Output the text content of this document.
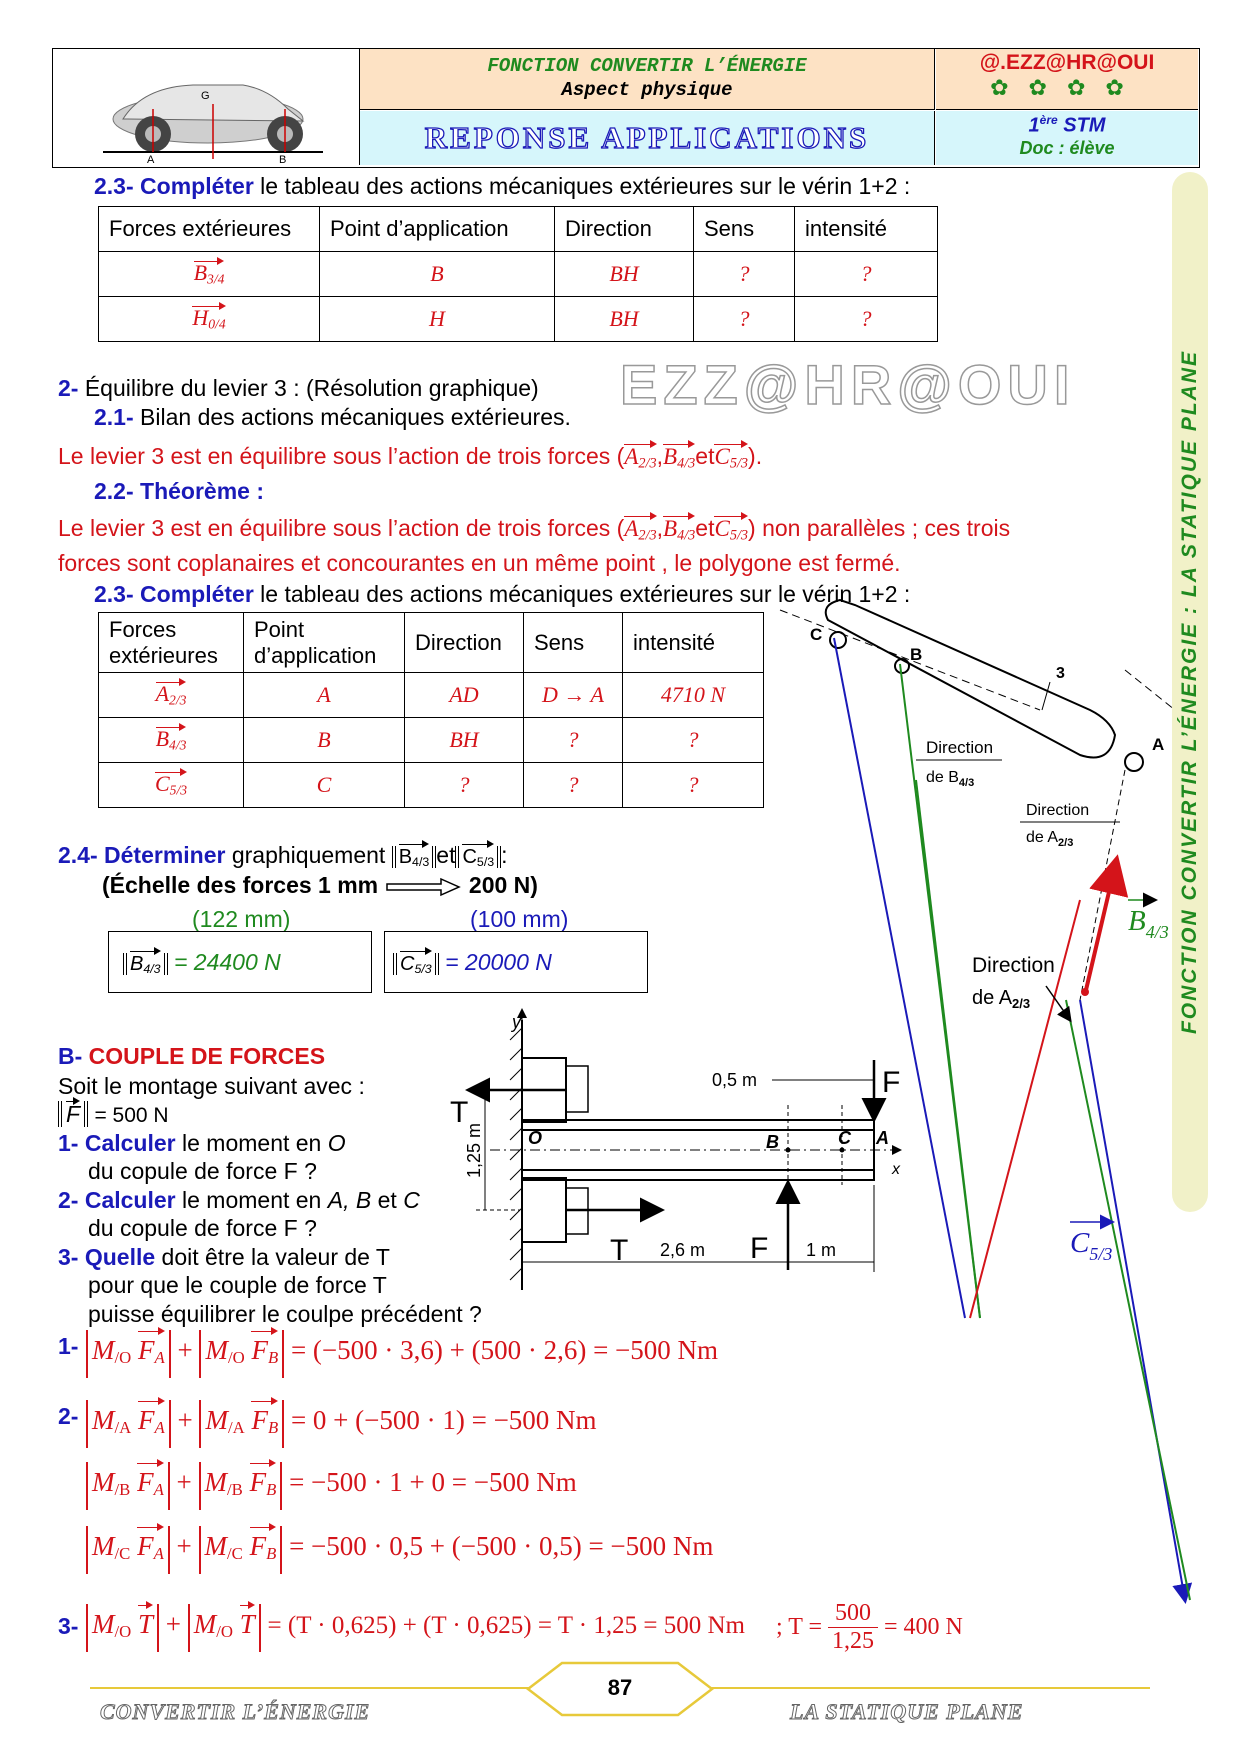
G
A	B
FONCTION CONVERTIR L’ÉNERGIE
Aspect physique
REPONSE APPLICATIONS
@.EZZ@HR@OUI
✿✿✿✿
1ère STM
Doc : élève
FONCTION CONVERTIR L’ÉNERGIE : LA STATIQUE PLANE
2.3- Compléter le tableau des actions mécaniques extérieures sur le vérin 1+2 :
Forces extérieures	Point d’application	Direction	Sens	intensité
$B_{3/4}$	B	BH	?	?
$H_{0/4}$	H	BH	?	?
EZZ@HR@OUI
2- Équilibre du levier 3 : (Résolution graphique)
2.1- Bilan des actions mécaniques extérieures.
Le levier 3 est en équilibre sous l’action de trois forces $(A_{2/3},B_{4/3}etC_{5/3})$.
2.2- Théorème :
Le levier 3 est en équilibre sous l’action de trois forces $(A_{2/3},B_{4/3}etC_{5/3})$ non parallèles ; ces trois
forces sont coplanaires et concourantes en un même point , le polygone est fermé.
2.3- Compléter le tableau des actions mécaniques extérieures sur le vérin 1+2 :
Forces extérieures	Point d’application	Direction	Sens	intensité
$A_{2/3}$	A	AD	D → A	4710 N
$B_{4/3}$	B	BH	?	?
$C_{5/3}$	C	?	?	?
2.4- Déterminer graphiquement $B_{4/3}$ et $C_{5/3}$ :
(Échelle des forces 1 mm	200 N)
(122 mm)	(100 mm)
$B_{4/3} = 24400$ N	$C_{5/3} = 20000$ N
C
B
A
3
Direction
de $B_{4/3}$
Direction
de $A_{2/3}$
Direction
de $A_{2/3}$
$B_{4/3}$
$C_{5/3}$
B- COUPLE DE FORCES
Soit le montage suivant avec :
F = 500 N
1- Calculer le moment en O
du copule de force F ?
2- Calculer le moment en A, B et C
du copule de force F ?
3- Quelle doit être la valeur de T
pour que le couple de force T
puisse équilibrer le coulpe précédent ?
y
O	B	C A
x
F
F
T
T
1,25 m
0,5 m
2,6 m	1 m
1- $M_{/O}$ $F_A + M_{/O}$ $F_B = (-500 \cdot 3,6) + (500 \cdot 2,6) = -500$ Nm
2- $M_{/A}$ $F_A + M_{/A}$ $F_B = 0 + (-500 \cdot 1) = -500$ Nm
$M_{/B}$ $F_A + M_{/B}$ $F_B = -500 \cdot 1 + 0 = -500$ Nm
$M_{/C}$ $F_A + M_{/C}$ $F_B = -500 \cdot 0,5 + (-500 \cdot 0,5) = -500$ Nm
3- $M_{/O}$ $T + M_{/O}$ T = (T · 0,625) + (T · 0,625) = T · 1,25 = 500 Nm ; $T = \frac{500}{1,25} = 400$ N
87
CONVERTIR L’ÉNERGIE	LA STATIQUE PLANE
